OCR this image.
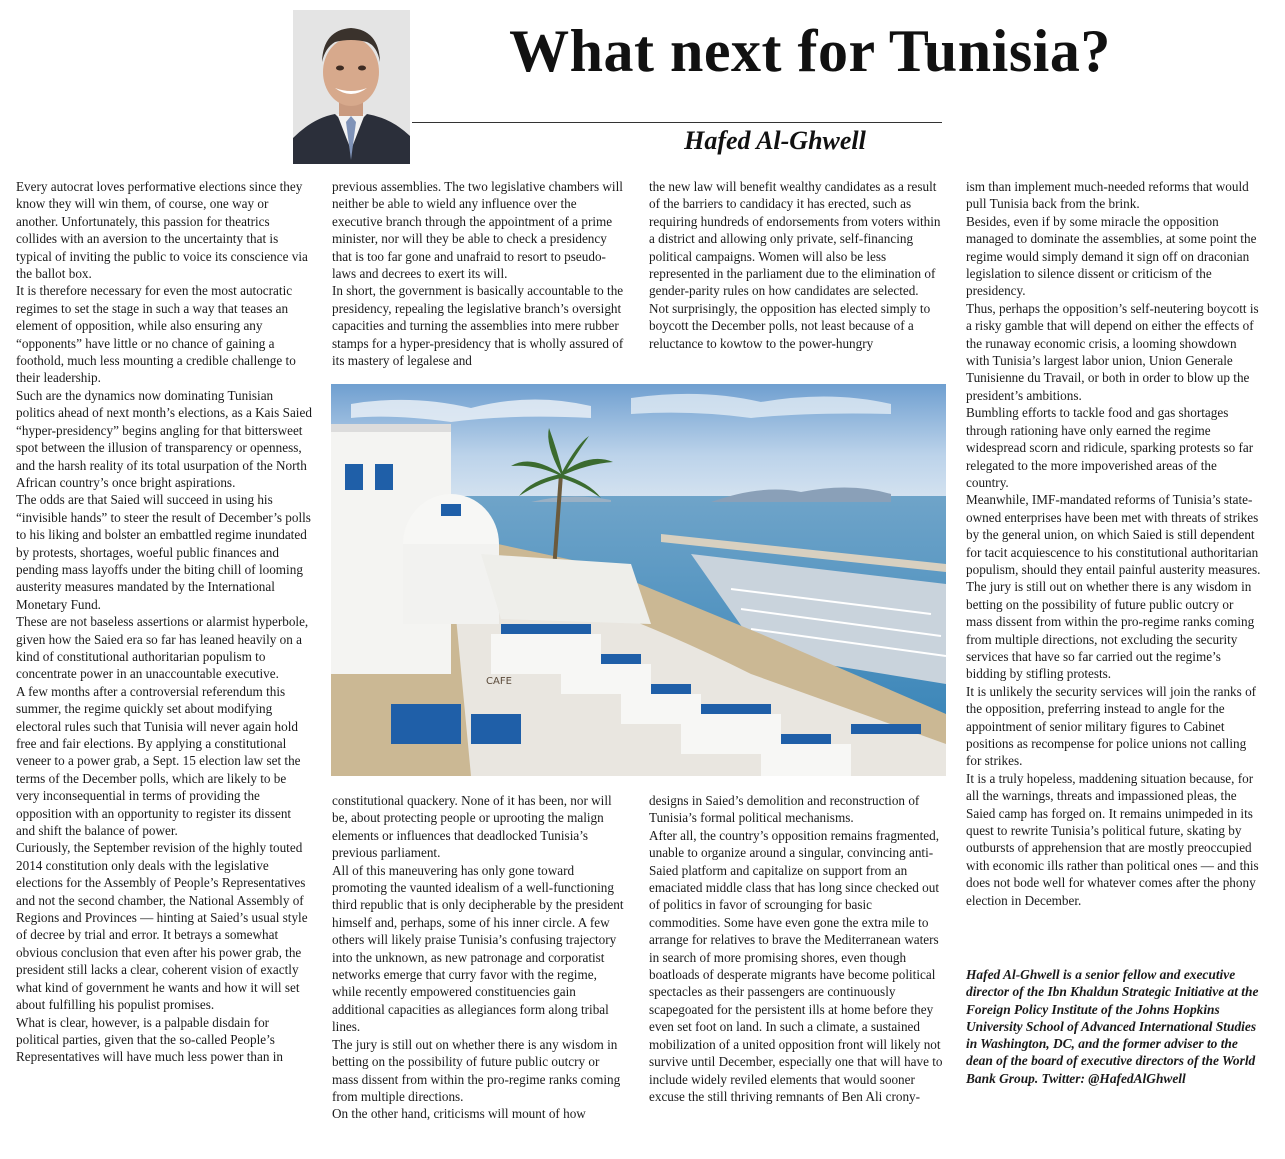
What next for Tunisia?
Hafed Al-Ghwell

Every autocrat loves performative elections since they know they will win them, of course, one way or another. Unfortunately, this passion for theatrics collides with an aversion to the uncertainty that is typical of inviting the public to voice its conscience via the ballot box.

It is therefore necessary for even the most autocratic regimes to set the stage in such a way that teases an element of opposition, while also ensuring any “opponents” have little or no chance of gaining a foothold, much less mounting a credible challenge to their leadership.

Such are the dynamics now dominating Tunisian politics ahead of next month’s elections, as a Kais Saied “hyper-presidency” begins angling for that bittersweet spot between the illusion of transparency or openness, and the harsh reality of its total usurpation of the North African country’s once bright aspirations.

The odds are that Saied will succeed in using his “invisible hands” to steer the result of December’s polls to his liking and bolster an embattled regime inundated by protests, shortages, woeful public finances and pending mass layoffs under the biting chill of looming austerity measures mandated by the International Monetary Fund.

These are not baseless assertions or alarmist hyperbole, given how the Saied era so far has leaned heavily on a kind of constitutional authoritarian populism to concentrate power in an unaccountable executive.

A few months after a controversial referendum this summer, the regime quickly set about modifying electoral rules such that Tunisia will never again hold free and fair elections. By applying a constitutional veneer to a power grab, a Sept. 15 election law set the terms of the December polls, which are likely to be very inconsequential in terms of providing the opposition with an opportunity to register its dissent and shift the balance of power.

Curiously, the September revision of the highly touted 2014 constitution only deals with the legislative elections for the Assembly of People’s Representatives and not the second chamber, the National Assembly of Regions and Provinces — hinting at Saied’s usual style of decree by trial and error. It betrays a somewhat obvious conclusion that even after his power grab, the president still lacks a clear, coherent vision of exactly what kind of government he wants and how it will set about fulfilling his populist promises.

What is clear, however, is a palpable disdain for political parties, given that the so-called People’s Representatives will have much less power than in

previous assemblies. The two legislative chambers will neither be able to wield any influence over the executive branch through the appointment of a prime minister, nor will they be able to check a presidency that is too far gone and unafraid to resort to pseudo-laws and decrees to exert its will.

In short, the government is basically accountable to the presidency, repealing the legislative branch’s oversight capacities and turning the assemblies into mere rubber stamps for a hyper-presidency that is wholly assured of its mastery of legalese and

the new law will benefit wealthy candidates as a result of the barriers to candidacy it has erected, such as requiring hundreds of endorsements from voters within a district and allowing only private, self-financing political campaigns. Women will also be less represented in the parliament due to the elimination of gender-parity rules on how candidates are selected.

Not surprisingly, the opposition has elected simply to boycott the December polls, not least because of a reluctance to kowtow to the power-hungry

CAFE

constitutional quackery. None of it has been, nor will be, about protecting people or uprooting the malign elements or influences that deadlocked Tunisia’s previous parliament.

All of this maneuvering has only gone toward promoting the vaunted idealism of a well-functioning third republic that is only decipherable by the president himself and, perhaps, some of his inner circle. A few others will likely praise Tunisia’s confusing trajectory into the unknown, as new patronage and corporatist networks emerge that curry favor with the regime, while recently empowered constituencies gain additional capacities as allegiances form along tribal lines.

The jury is still out on whether there is any wisdom in betting on the possibility of future public outcry or mass dissent from within the pro-regime ranks coming from multiple directions.

On the other hand, criticisms will mount of how

designs in Saied’s demolition and reconstruction of Tunisia’s formal political mechanisms.

After all, the country’s opposition remains fragmented, unable to organize around a singular, convincing anti-Saied platform and capitalize on support from an emaciated middle class that has long since checked out of politics in favor of scrounging for basic commodities. Some have even gone the extra mile to arrange for relatives to brave the Mediterranean waters in search of more promising shores, even though boatloads of desperate migrants have become political spectacles as their passengers are continuously scapegoated for the persistent ills at home before they even set foot on land. In such a climate, a sustained mobilization of a united opposition front will likely not survive until December, especially one that will have to include widely reviled elements that would sooner excuse the still thriving remnants of Ben Ali crony-

ism than implement much-needed reforms that would pull Tunisia back from the brink.

Besides, even if by some miracle the opposition managed to dominate the assemblies, at some point the regime would simply demand it sign off on draconian legislation to silence dissent or criticism of the presidency.

Thus, perhaps the opposition’s self-neutering boycott is a risky gamble that will depend on either the effects of the runaway economic crisis, a looming showdown with Tunisia’s largest labor union, Union Generale Tunisienne du Travail, or both in order to blow up the president’s ambitions.

Bumbling efforts to tackle food and gas shortages through rationing have only earned the regime widespread scorn and ridicule, sparking protests so far relegated to the more impoverished areas of the country.

Meanwhile, IMF-mandated reforms of Tunisia’s state-owned enterprises have been met with threats of strikes by the general union, on which Saied is still dependent for tacit acquiescence to his constitutional authoritarian populism, should they entail painful austerity measures.

The jury is still out on whether there is any wisdom in betting on the possibility of future public outcry or mass dissent from within the pro-regime ranks coming from multiple directions, not excluding the security services that have so far carried out the regime’s bidding by stifling protests.

It is unlikely the security services will join the ranks of the opposition, preferring instead to angle for the appointment of senior military figures to Cabinet positions as recompense for police unions not calling for strikes.

It is a truly hopeless, maddening situation because, for all the warnings, threats and impassioned pleas, the Saied camp has forged on. It remains unimpeded in its quest to rewrite Tunisia’s political future, skating by outbursts of apprehension that are mostly preoccupied with economic ills rather than political ones — and this does not bode well for whatever comes after the phony election in December.

Hafed Al-Ghwell is a senior fellow and executive director of the Ibn Khaldun Strategic Initiative at the Foreign Policy Institute of the Johns Hopkins University School of Advanced International Studies in Washington, DC, and the former adviser to the dean of the board of executive directors of the World Bank Group. Twitter: @HafedAlGhwell
